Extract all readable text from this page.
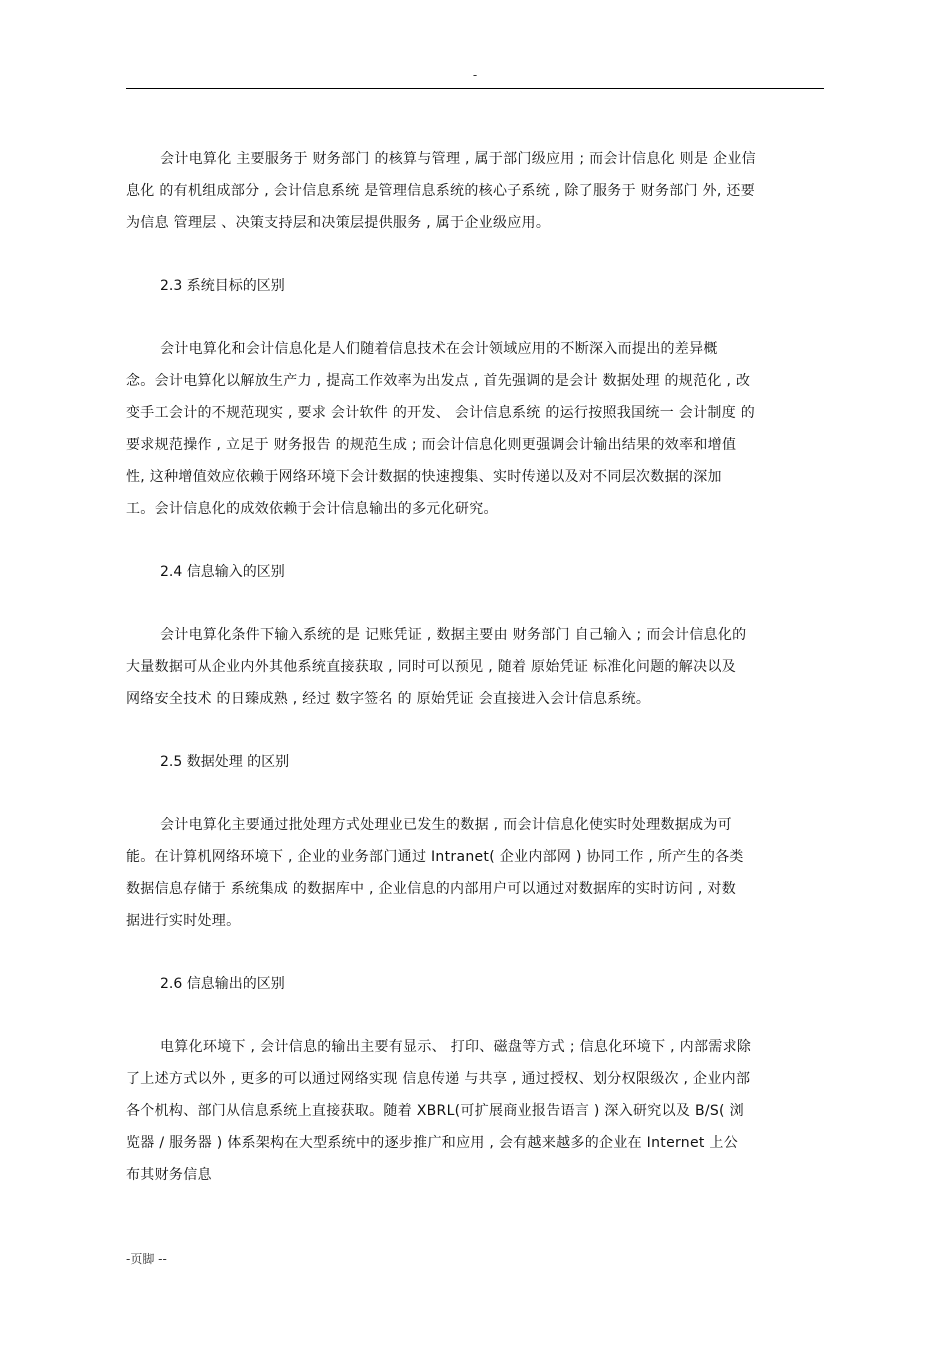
-
会计电算化 主要服务于 财务部门 的核算与管理 , 属于部门级应用 ; 而会计信息化 则是 企业信
息化 的有机组成部分 , 会计信息系统 是管理信息系统的核心子系统 , 除了服务于 财务部门 外, 还要
为信息 管理层 、决策支持层和决策层提供服务 , 属于企业级应用。
2.3 系统目标的区别
会计电算化和会计信息化是人们随着信息技术在会计领域应用的不断深入而提出的差异概
念。会计电算化以解放生产力 , 提高工作效率为出发点 , 首先强调的是会计 数据处理 的规范化 , 改
变手工会计的不规范现实 , 要求 会计软件 的开发、 会计信息系统 的运行按照我国统一 会计制度 的
要求规范操作 , 立足于 财务报告 的规范生成 ; 而会计信息化则更强调会计输出结果的效率和增值
性, 这种增值效应依赖于网络环境下会计数据的快速搜集、实时传递以及对不同层次数据的深加
工。会计信息化的成效依赖于会计信息输出的多元化研究。
2.4 信息输入的区别
会计电算化条件下输入系统的是 记账凭证 , 数据主要由 财务部门 自己输入 ; 而会计信息化的
大量数据可从企业内外其他系统直接获取 , 同时可以预见 , 随着 原始凭证 标准化问题的解决以及
网络安全技术 的日臻成熟 , 经过 数字签名 的 原始凭证 会直接进入会计信息系统。
2.5 数据处理 的区别
会计电算化主要通过批处理方式处理业已发生的数据 , 而会计信息化使实时处理数据成为可
能。在计算机网络环境下 , 企业的业务部门通过 Intranet( 企业内部网 ) 协同工作 , 所产生的各类
数据信息存储于 系统集成 的数据库中 , 企业信息的内部用户可以通过对数据库的实时访问 , 对数
据进行实时处理。
2.6 信息输出的区别
电算化环境下 , 会计信息的输出主要有显示、 打印、磁盘等方式 ; 信息化环境下 , 内部需求除
了上述方式以外 , 更多的可以通过网络实现 信息传递 与共享 , 通过授权、划分权限级次 , 企业内部
各个机构、部门从信息系统上直接获取。随着 XBRL(可扩展商业报告语言 ) 深入研究以及 B/S( 浏
览器 / 服务器 ) 体系架构在大型系统中的逐步推广和应用 , 会有越来越多的企业在 Internet 上公
布其财务信息
-页脚 --
